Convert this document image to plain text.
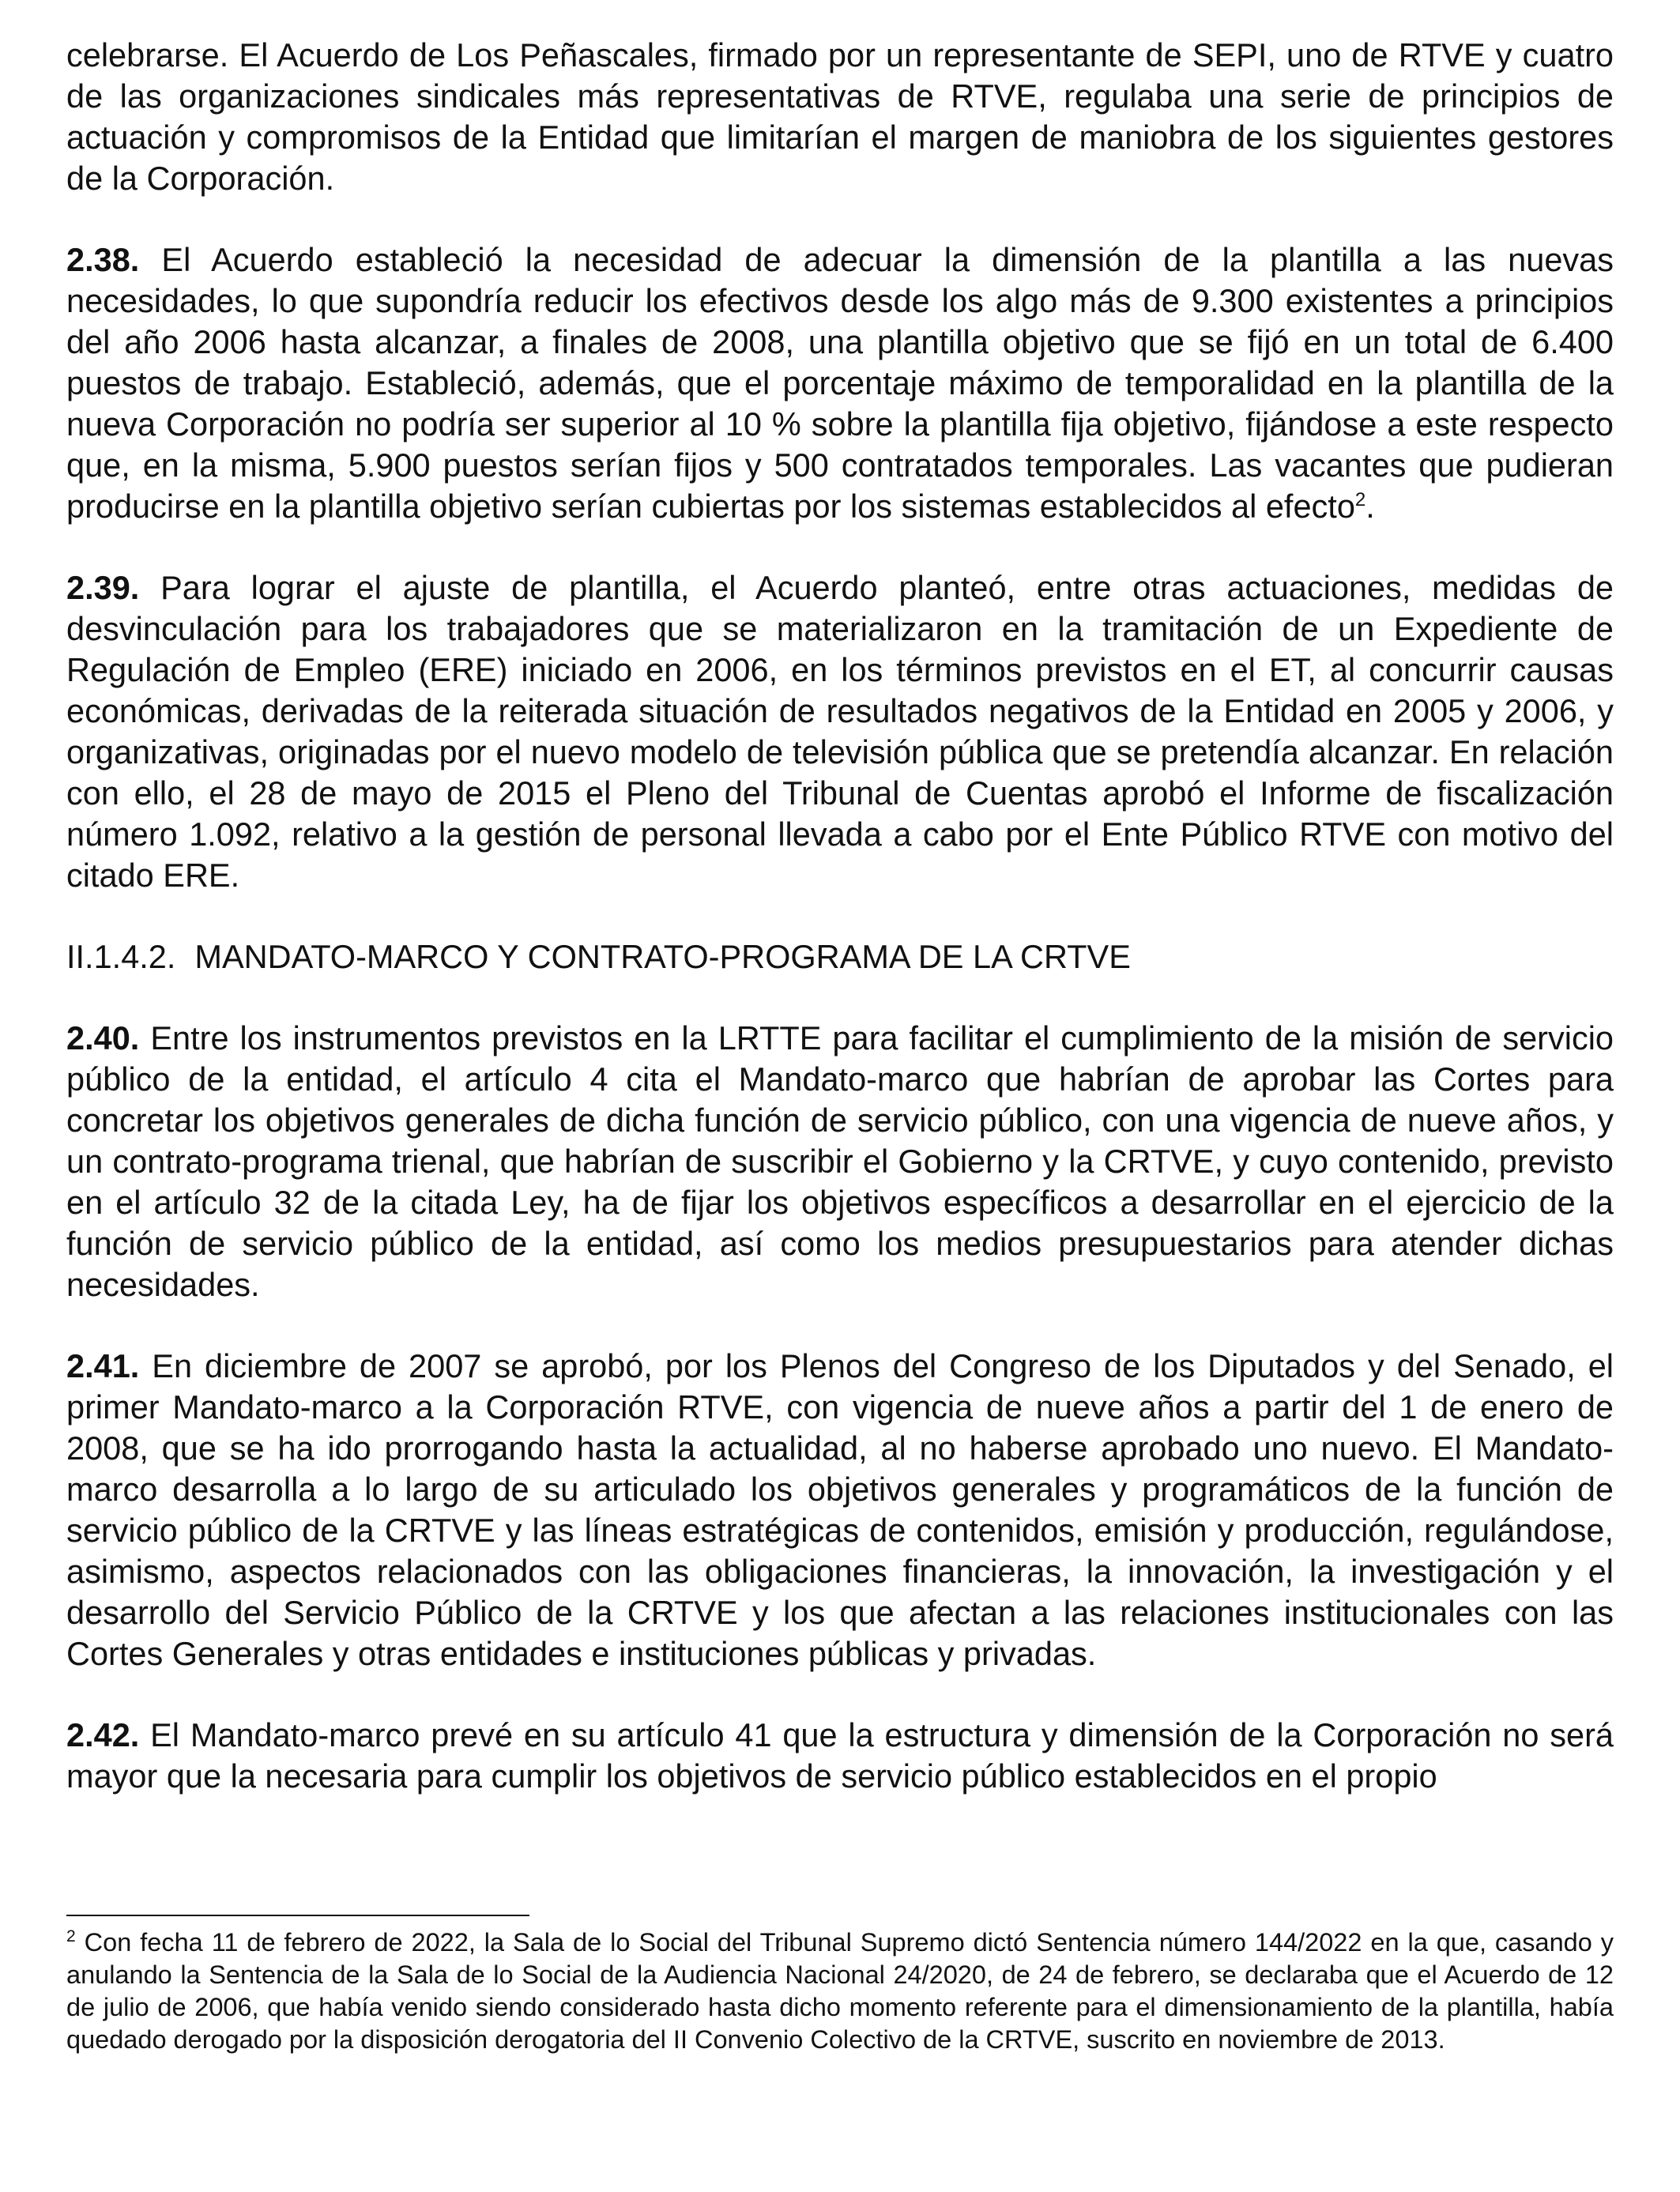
celebrarse. El Acuerdo de Los Peñascales, firmado por un representante de SEPI, uno de RTVE y cuatro de las organizaciones sindicales más representativas de RTVE, regulaba una serie de principios de actuación y compromisos de la Entidad que limitarían el margen de maniobra de los siguientes gestores de la Corporación.

2.38. El Acuerdo estableció la necesidad de adecuar la dimensión de la plantilla a las nuevas necesidades, lo que supondría reducir los efectivos desde los algo más de 9.300 existentes a principios del año 2006 hasta alcanzar, a finales de 2008, una plantilla objetivo que se fijó en un total de 6.400 puestos de trabajo. Estableció, además, que el porcentaje máximo de temporalidad en la plantilla de la nueva Corporación no podría ser superior al 10 % sobre la plantilla fija objetivo, fijándose a este respecto que, en la misma, 5.900 puestos serían fijos y 500 contratados temporales. Las vacantes que pudieran producirse en la plantilla objetivo serían cubiertas por los sistemas establecidos al efecto$^2$.

2.39. Para lograr el ajuste de plantilla, el Acuerdo planteó, entre otras actuaciones, medidas de desvinculación para los trabajadores que se materializaron en la tramitación de un Expediente de Regulación de Empleo (ERE) iniciado en 2006, en los términos previstos en el ET, al concurrir causas económicas, derivadas de la reiterada situación de resultados negativos de la Entidad en 2005 y 2006, y organizativas, originadas por el nuevo modelo de televisión pública que se pretendía alcanzar. En relación con ello, el 28 de mayo de 2015 el Pleno del Tribunal de Cuentas aprobó el Informe de fiscalización número 1.092, relativo a la gestión de personal llevada a cabo por el Ente Público RTVE con motivo del citado ERE.

II.1.4.2. MANDATO-MARCO Y CONTRATO-PROGRAMA DE LA CRTVE

2.40. Entre los instrumentos previstos en la LRTTE para facilitar el cumplimiento de la misión de servicio público de la entidad, el artículo 4 cita el Mandato-marco que habrían de aprobar las Cortes para concretar los objetivos generales de dicha función de servicio público, con una vigencia de nueve años, y un contrato-programa trienal, que habrían de suscribir el Gobierno y la CRTVE, y cuyo contenido, previsto en el artículo 32 de la citada Ley, ha de fijar los objetivos específicos a desarrollar en el ejercicio de la función de servicio público de la entidad, así como los medios presupuestarios para atender dichas necesidades.

2.41. En diciembre de 2007 se aprobó, por los Plenos del Congreso de los Diputados y del Senado, el primer Mandato-marco a la Corporación RTVE, con vigencia de nueve años a partir del 1 de enero de 2008, que se ha ido prorrogando hasta la actualidad, al no haberse aprobado uno nuevo. El Mandato-marco desarrolla a lo largo de su articulado los objetivos generales y programáticos de la función de servicio público de la CRTVE y las líneas estratégicas de contenidos, emisión y producción, regulándose, asimismo, aspectos relacionados con las obligaciones financieras, la innovación, la investigación y el desarrollo del Servicio Público de la CRTVE y los que afectan a las relaciones institucionales con las Cortes Generales y otras entidades e instituciones públicas y privadas.

2.42. El Mandato-marco prevé en su artículo 41 que la estructura y dimensión de la Corporación no será mayor que la necesaria para cumplir los objetivos de servicio público establecidos en el propio

$^2$ Con fecha 11 de febrero de 2022, la Sala de lo Social del Tribunal Supremo dictó Sentencia número 144/2022 en la que, casando y anulando la Sentencia de la Sala de lo Social de la Audiencia Nacional 24/2020, de 24 de febrero, se declaraba que el Acuerdo de 12 de julio de 2006, que había venido siendo considerado hasta dicho momento referente para el dimensionamiento de la plantilla, había quedado derogado por la disposición derogatoria del II Convenio Colectivo de la CRTVE, suscrito en noviembre de 2013.
